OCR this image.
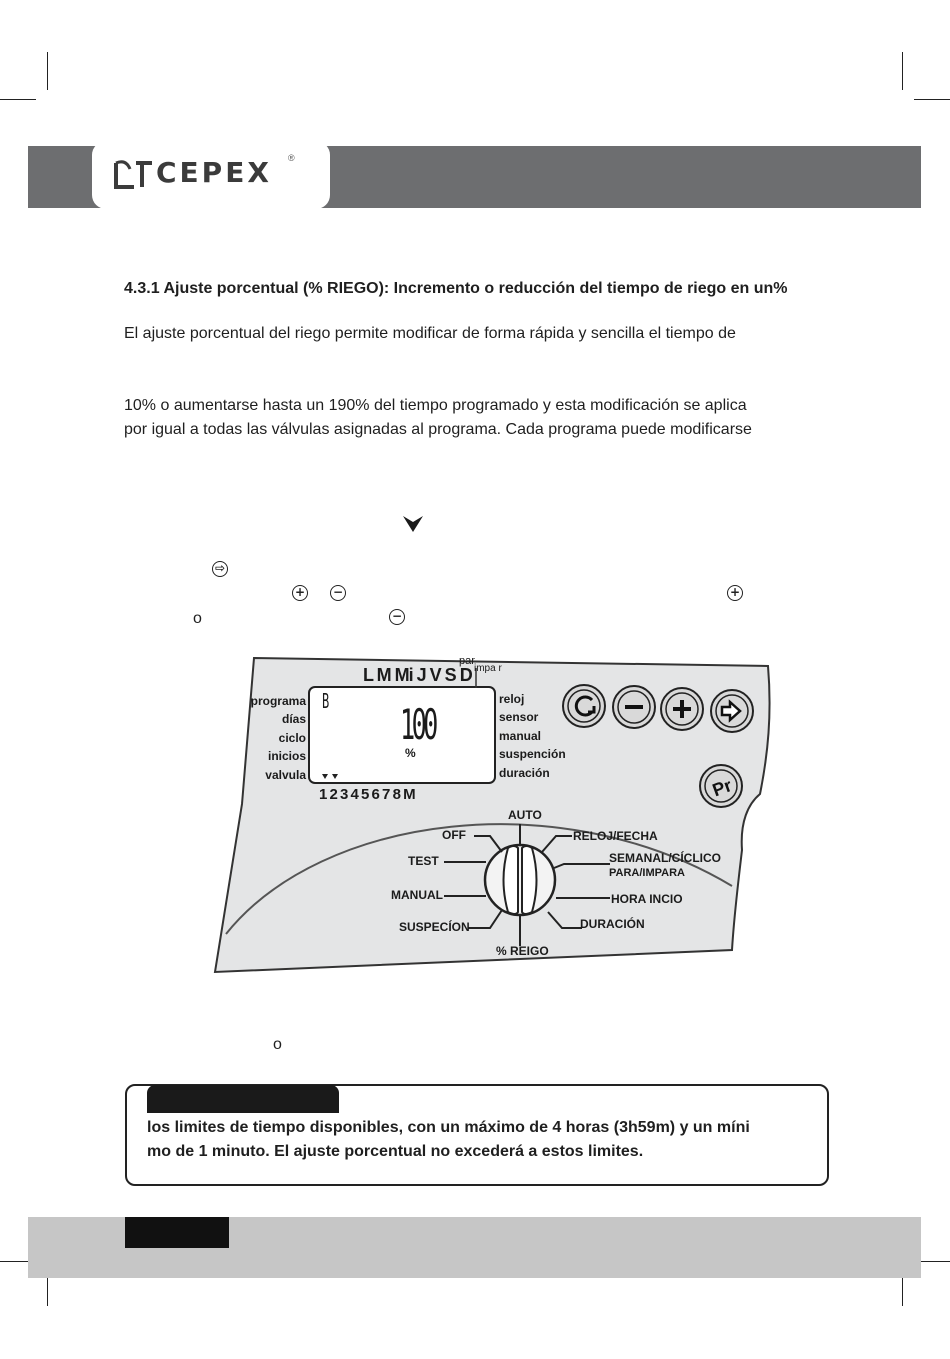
CEPEX ®
4.3.1 Ajuste porcentual (% RIEGO): Incremento o reducción del tiempo de riego en un%
El ajuste porcentual del riego permite modificar de forma rápida y sencilla el tiempo de
10% o aumentarse hasta un 190% del tiempo programado y esta modificación se aplica
por igual a todas las válvulas asignadas al programa. Cada programa puede modificarse
⇨
+ −	+
o	−
Pr
L M Mi J V S D
par
impa r
programa
días
ciclo
inicios
valvula
reloj
sensor
manual
suspención
duración
B 100
%
1 2 3 4 5 6 7 8 M
AUTO
OFF
TEST
MANUAL
SUSPECÍON
% REIGO
RELOJ/FECHA
SEMANAL/CÍCLICO
PARA/IMPARA
HORA INCIO
DURACIÓN
o
los limites de tiempo disponibles, con un máximo de 4 horas (3h59m) y un míni
mo de 1 minuto. El ajuste porcentual no excederá a estos limites.
